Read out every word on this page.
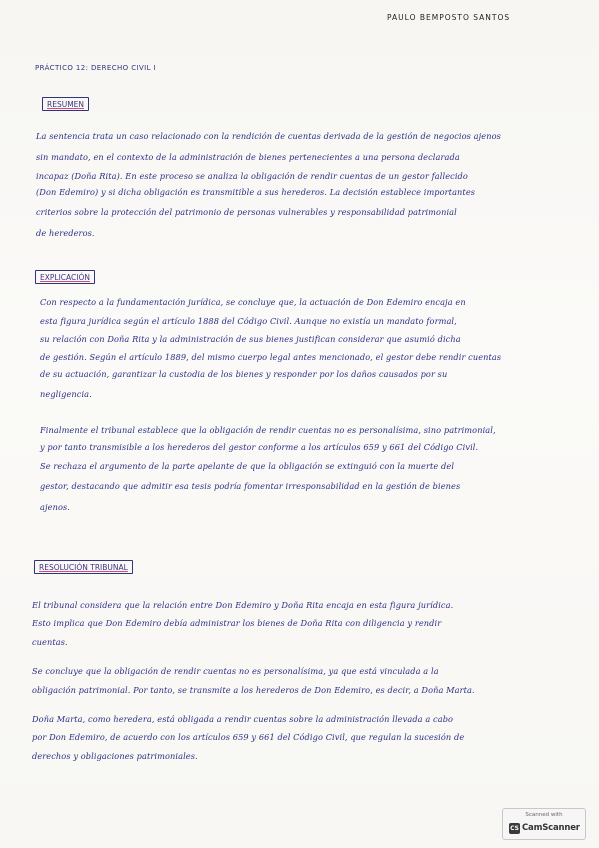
PAULO BEMPOSTO SANTOS
PRÁCTICO 12: DERECHO CIVIL I
RESUMEN
La sentencia trata un caso relacionado con la rendición de cuentas derivada de la gestión de negocios ajenos
sin mandato, en el contexto de la administración de bienes pertenecientes a una persona declarada
incapaz (Doña Rita). En este proceso se analiza la obligación de rendir cuentas de un gestor fallecido
(Don Edemiro) y si dicha obligación es transmitible a sus herederos. La decisión establece importantes
criterios sobre la protección del patrimonio de personas vulnerables y responsabilidad patrimonial
de herederos.
EXPLICACIÓN
Con respecto a la fundamentación jurídica, se concluye que, la actuación de Don Edemiro encaja en
esta figura jurídica según el artículo 1888 del Código Civil. Aunque no existía un mandato formal,
su relación con Doña Rita y la administración de sus bienes justifican considerar que asumió dicha
de gestión. Según el artículo 1889, del mismo cuerpo legal antes mencionado, el gestor debe rendir cuentas
de su actuación, garantizar la custodia de los bienes y responder por los daños causados por su
negligencia.
Finalmente el tribunal establece que la obligación de rendir cuentas no es personalísima, sino patrimonial,
y por tanto transmisible a los herederos del gestor conforme a los artículos 659 y 661 del Código Civil.
Se rechaza el argumento de la parte apelante de que la obligación se extinguió con la muerte del
gestor, destacando que admitir esa tesis podría fomentar irresponsabilidad en la gestión de bienes
ajenos.
RESOLUCIÓN TRIBUNAL
El tribunal considera que la relación entre Don Edemiro y Doña Rita encaja en esta figura jurídica.
Esto implica que Don Edemiro debía administrar los bienes de Doña Rita con diligencia y rendir
cuentas.
Se concluye que la obligación de rendir cuentas no es personalísima, ya que está vinculada a la
obligación patrimonial. Por tanto, se transmite a los herederos de Don Edemiro, es decir, a Doña Marta.
Doña Marta, como heredera, está obligada a rendir cuentas sobre la administración llevada a cabo
por Don Edemiro, de acuerdo con los artículos 659 y 661 del Código Civil, que regulan la sucesión de
derechos y obligaciones patrimoniales.
Scanned with
CS CamScanner
